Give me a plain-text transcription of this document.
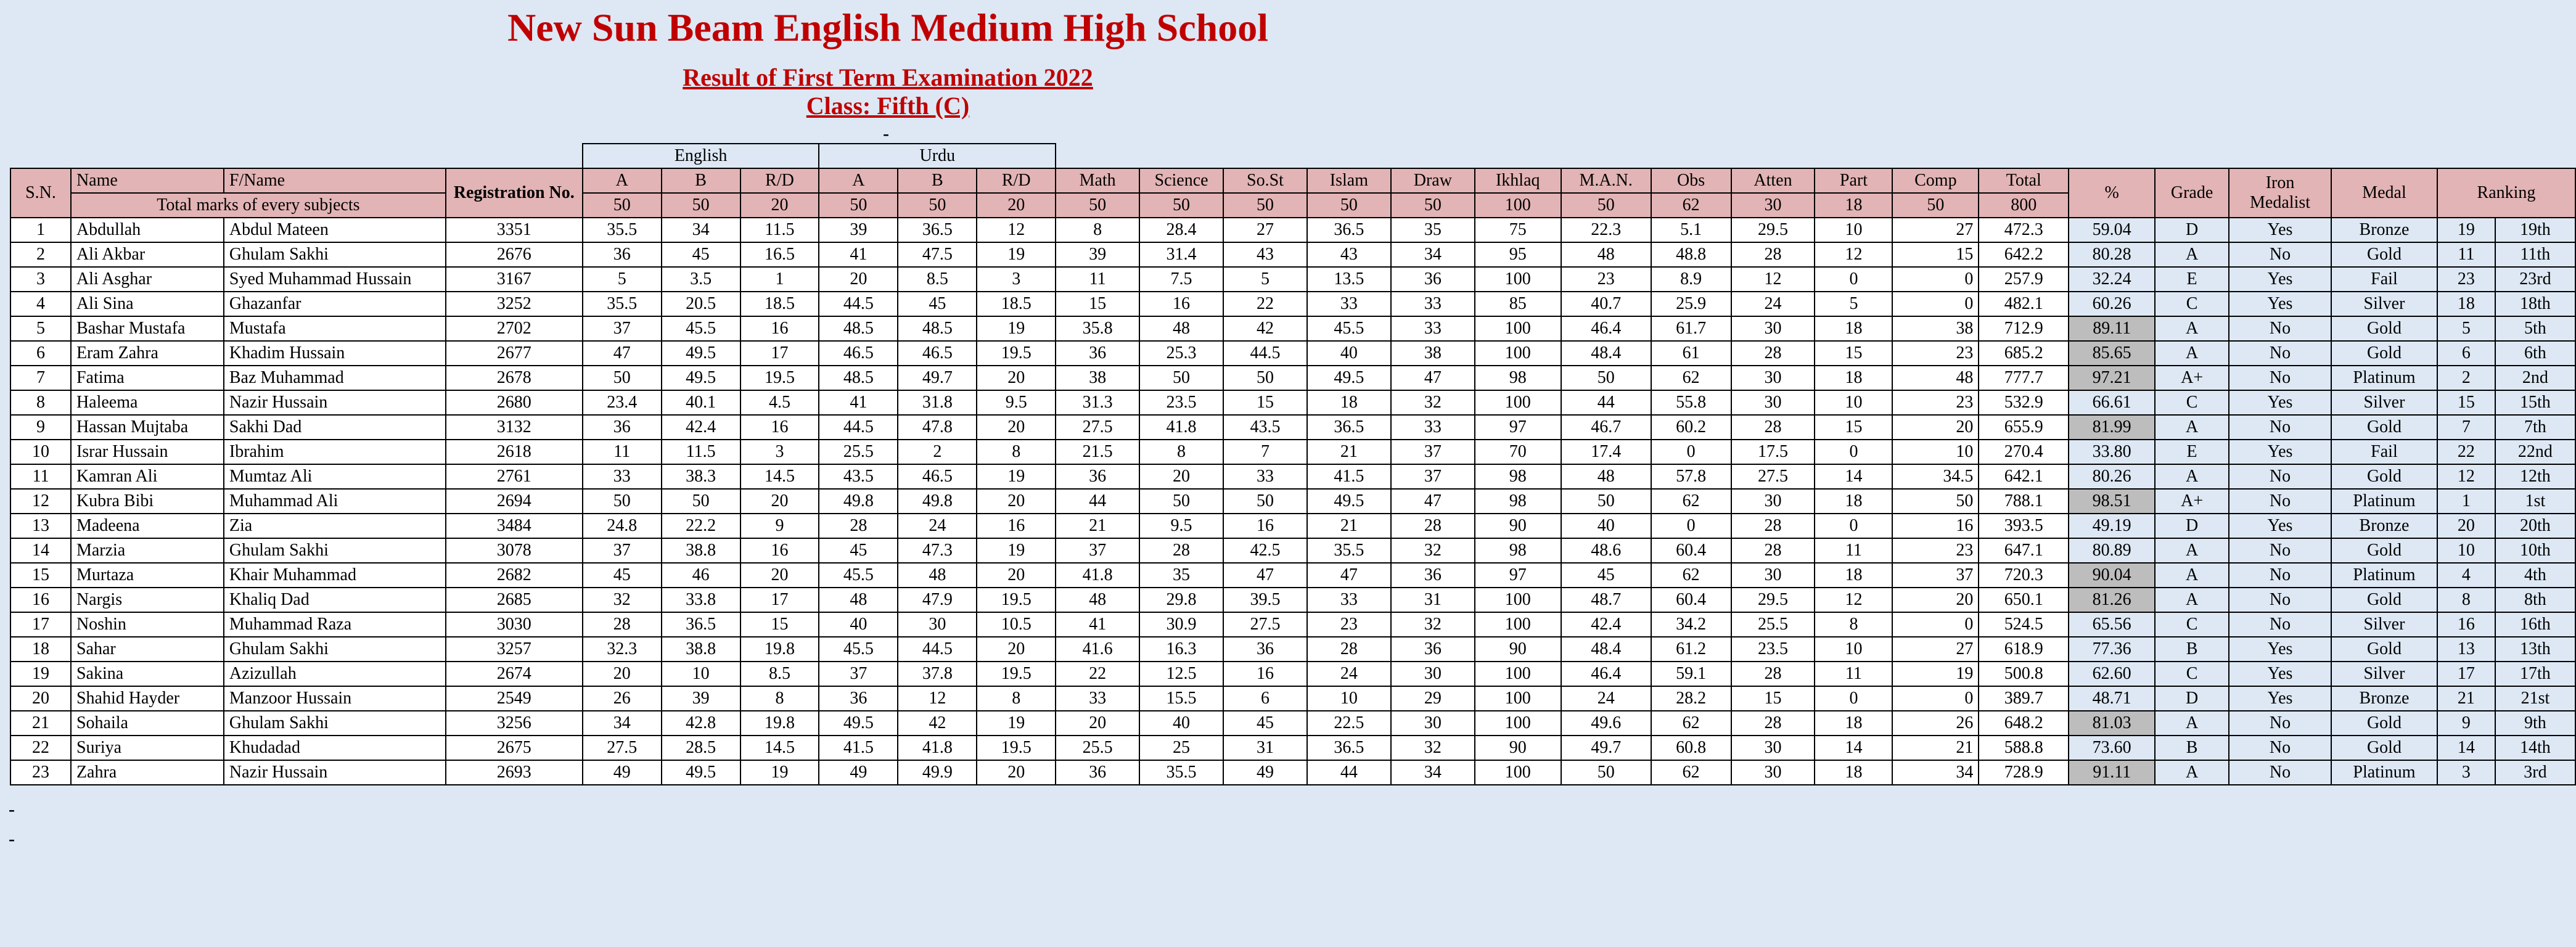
New Sun Beam English Medium High School
Result of First Term Examination 2022
Class: Fifth (C)
-
-
-
				English			Urdu																				
S.N.	Name	F/Name	Registration No.	A	B	R/D	A	B	R/D	Math	Science	So.St	Islam	Draw	Ikhlaq	M.A.N.	Obs	Atten	Part	Comp	Total	%	Grade	Iron Medalist	Medal	Ranking	
	Total marks of every subjects			50	50	20	50	50	20	50	50	50	50	50	100	50	62	30	18	50	800						
1	Abdullah	Abdul Mateen	3351	35.5	34	11.5	39	36.5	12	8	28.4	27	36.5	35	75	22.3	5.1	29.5	10	27	472.3	59.04	D	Yes	Bronze	19	19th
2	Ali Akbar	Ghulam Sakhi	2676	36	45	16.5	41	47.5	19	39	31.4	43	43	34	95	48	48.8	28	12	15	642.2	80.28	A	No	Gold	11	11th
3	Ali Asghar	Syed Muhammad Hussain	3167	5	3.5	1	20	8.5	3	11	7.5	5	13.5	36	100	23	8.9	12	0	0	257.9	32.24	E	Yes	Fail	23	23rd
4	Ali Sina	Ghazanfar	3252	35.5	20.5	18.5	44.5	45	18.5	15	16	22	33	33	85	40.7	25.9	24	5	0	482.1	60.26	C	Yes	Silver	18	18th
5	Bashar Mustafa	Mustafa	2702	37	45.5	16	48.5	48.5	19	35.8	48	42	45.5	33	100	46.4	61.7	30	18	38	712.9	89.11	A	No	Gold	5	5th
6	Eram Zahra	Khadim Hussain	2677	47	49.5	17	46.5	46.5	19.5	36	25.3	44.5	40	38	100	48.4	61	28	15	23	685.2	85.65	A	No	Gold	6	6th
7	Fatima	Baz Muhammad	2678	50	49.5	19.5	48.5	49.7	20	38	50	50	49.5	47	98	50	62	30	18	48	777.7	97.21	A+	No	Platinum	2	2nd
8	Haleema	Nazir Hussain	2680	23.4	40.1	4.5	41	31.8	9.5	31.3	23.5	15	18	32	100	44	55.8	30	10	23	532.9	66.61	C	Yes	Silver	15	15th
9	Hassan Mujtaba	Sakhi Dad	3132	36	42.4	16	44.5	47.8	20	27.5	41.8	43.5	36.5	33	97	46.7	60.2	28	15	20	655.9	81.99	A	No	Gold	7	7th
10	Israr Hussain	Ibrahim	2618	11	11.5	3	25.5	2	8	21.5	8	7	21	37	70	17.4	0	17.5	0	10	270.4	33.80	E	Yes	Fail	22	22nd
11	Kamran Ali	Mumtaz Ali	2761	33	38.3	14.5	43.5	46.5	19	36	20	33	41.5	37	98	48	57.8	27.5	14	34.5	642.1	80.26	A	No	Gold	12	12th
12	Kubra Bibi	Muhammad Ali	2694	50	50	20	49.8	49.8	20	44	50	50	49.5	47	98	50	62	30	18	50	788.1	98.51	A+	No	Platinum	1	1st
13	Madeena	Zia	3484	24.8	22.2	9	28	24	16	21	9.5	16	21	28	90	40	0	28	0	16	393.5	49.19	D	Yes	Bronze	20	20th
14	Marzia	Ghulam Sakhi	3078	37	38.8	16	45	47.3	19	37	28	42.5	35.5	32	98	48.6	60.4	28	11	23	647.1	80.89	A	No	Gold	10	10th
15	Murtaza	Khair Muhammad	2682	45	46	20	45.5	48	20	41.8	35	47	47	36	97	45	62	30	18	37	720.3	90.04	A	No	Platinum	4	4th
16	Nargis	Khaliq Dad	2685	32	33.8	17	48	47.9	19.5	48	29.8	39.5	33	31	100	48.7	60.4	29.5	12	20	650.1	81.26	A	No	Gold	8	8th
17	Noshin	Muhammad Raza	3030	28	36.5	15	40	30	10.5	41	30.9	27.5	23	32	100	42.4	34.2	25.5	8	0	524.5	65.56	C	No	Silver	16	16th
18	Sahar	Ghulam Sakhi	3257	32.3	38.8	19.8	45.5	44.5	20	41.6	16.3	36	28	36	90	48.4	61.2	23.5	10	27	618.9	77.36	B	Yes	Gold	13	13th
19	Sakina	Azizullah	2674	20	10	8.5	37	37.8	19.5	22	12.5	16	24	30	100	46.4	59.1	28	11	19	500.8	62.60	C	Yes	Silver	17	17th
20	Shahid Hayder	Manzoor Hussain	2549	26	39	8	36	12	8	33	15.5	6	10	29	100	24	28.2	15	0	0	389.7	48.71	D	Yes	Bronze	21	21st
21	Sohaila	Ghulam Sakhi	3256	34	42.8	19.8	49.5	42	19	20	40	45	22.5	30	100	49.6	62	28	18	26	648.2	81.03	A	No	Gold	9	9th
22	Suriya	Khudadad	2675	27.5	28.5	14.5	41.5	41.8	19.5	25.5	25	31	36.5	32	90	49.7	60.8	30	14	21	588.8	73.60	B	No	Gold	14	14th
23	Zahra	Nazir Hussain	2693	49	49.5	19	49	49.9	20	36	35.5	49	44	34	100	50	62	30	18	34	728.9	91.11	A	No	Platinum	3	3rd
